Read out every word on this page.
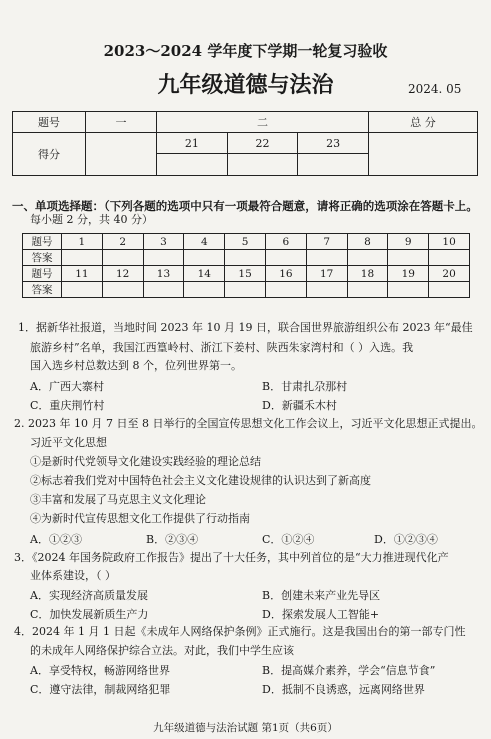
2023～2024 学年度下学期一轮复习验收
九年级道德与法治	2024. 05
题号	一	二			总 分
得分		21	22	23	

一、单项选择题：（下列各题的选项中只有一项最符合题意，请将正确的选项涂在答题卡上。
每小题 2 分，共 40 分）
题号	1	2	3	4	5	6	7	8	9	10
答案										
题号	11	12	13	14	15	16	17	18	19	20
答案										
1．据新华社报道，当地时间 2023 年 10 月 19 日，联合国世界旅游组织公布 2023 年“最佳
旅游乡村”名单，我国江西篁岭村、浙江下姜村、陕西朱家湾村和（ ）入选。我
国入选乡村总数达到 8 个，位列世界第一。
A．广西大寨村	B．甘肃扎尕那村
C．重庆荆竹村	D．新疆禾木村
2. 2023 年 10 月 7 日至 8 日举行的全国宣传思想文化工作会议上，习近平文化思想正式提出。
习近平文化思想
①是新时代党领导文化建设实践经验的理论总结
②标志着我们党对中国特色社会主义文化建设规律的认识达到了新高度
③丰富和发展了马克思主义文化理论
④为新时代宣传思想文化工作提供了行动指南
A．①②③	B．②③④	C．①②④	D．①②③④
3．《2024 年国务院政府工作报告》提出了十大任务，其中列首位的是“大力推进现代化产
业体系建设，（ ）
A．实现经济高质量发展	B．创建未来产业先导区
C．加快发展新质生产力	D．探索发展人工智能+
4．2024 年 1 月 1 日起《未成年人网络保护条例》正式施行。这是我国出台的第一部专门性
的未成年人网络保护综合立法。对此，我们中学生应该
A．享受特权，畅游网络世界	B．提高媒介素养，学会“信息节食”
C．遵守法律，制裁网络犯罪	D．抵制不良诱惑，远离网络世界
九年级道德与法治试题 第1页（共6页）
